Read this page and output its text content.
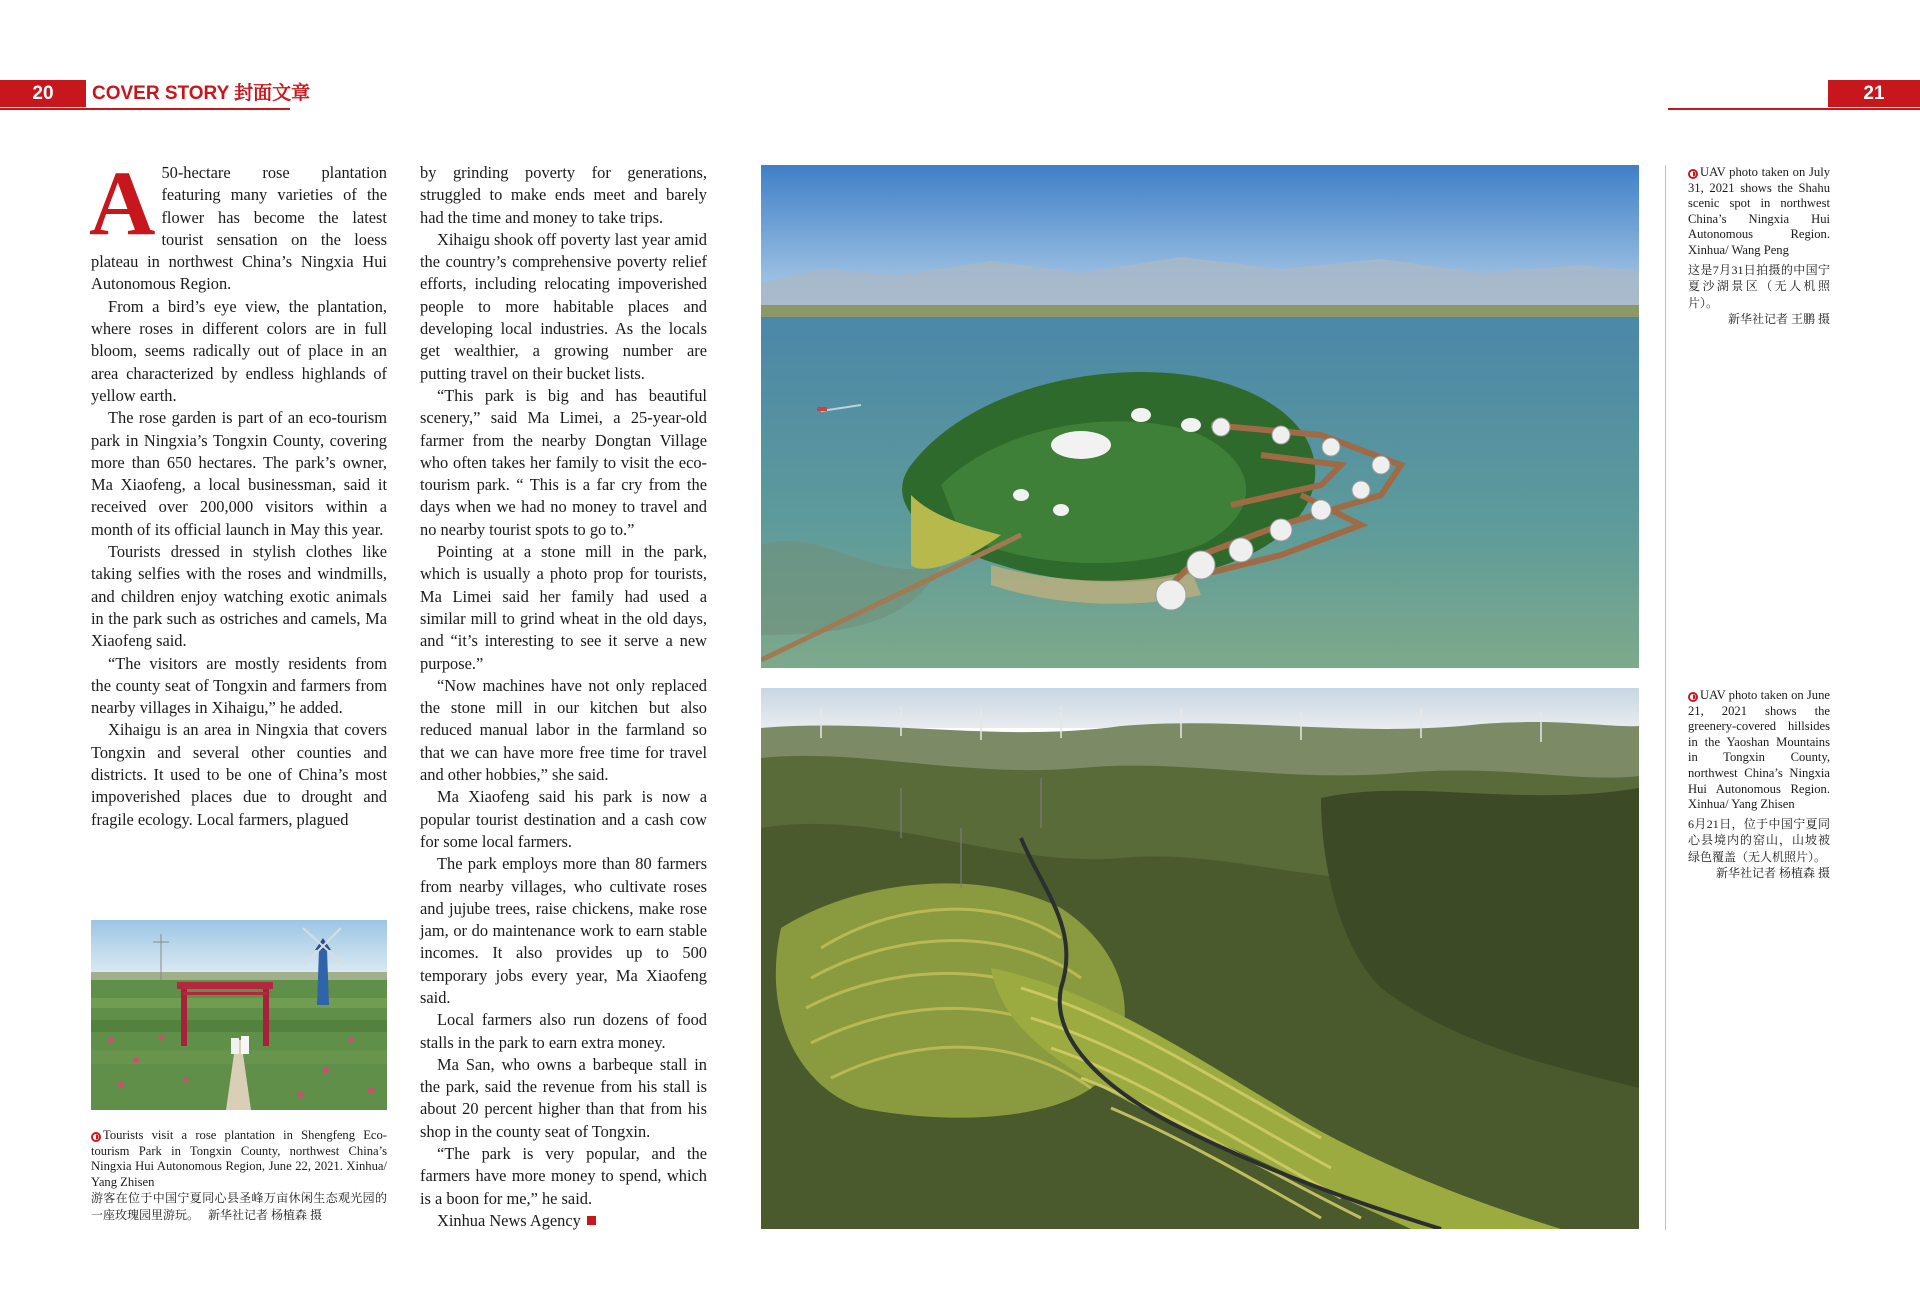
20	COVER STORY 封面文章	21

A 50-hectare rose plantation featuring many varieties of the flower has become the latest tourist sensation on the loess plateau in northwest China’s Ningxia Hui Autonomous Region.

From a bird’s eye view, the plantation, where roses in different colors are in full bloom, seems radically out of place in an area characterized by endless highlands of yellow earth.

The rose garden is part of an eco-tourism park in Ningxia’s Tongxin County, covering more than 650 hectares. The park’s owner, Ma Xiaofeng, a local businessman, said it received over 200,000 visitors within a month of its official launch in May this year.

Tourists dressed in stylish clothes like taking selfies with the roses and windmills, and children enjoy watching exotic animals in the park such as ostriches and camels, Ma Xiaofeng said.

“The visitors are mostly residents from the county seat of Tongxin and farmers from nearby villages in Xihaigu,” he added.

Xihaigu is an area in Ningxia that covers Tongxin and several other counties and districts. It used to be one of China’s most impoverished places due to drought and fragile ecology. Local farmers, plagued

by grinding poverty for generations, struggled to make ends meet and barely had the time and money to take trips.

Xihaigu shook off poverty last year amid the country’s comprehensive poverty relief efforts, including relocating impoverished people to more habitable places and developing local industries. As the locals get wealthier, a growing number are putting travel on their bucket lists.

“This park is big and has beautiful scenery,” said Ma Limei, a 25-year-old farmer from the nearby Dongtan Village who often takes her family to visit the eco-tourism park. “ This is a far cry from the days when we had no money to travel and no nearby tourist spots to go to.”

Pointing at a stone mill in the park, which is usually a photo prop for tourists, Ma Limei said her family had used a similar mill to grind wheat in the old days, and “it’s interesting to see it serve a new purpose.”

“Now machines have not only replaced the stone mill in our kitchen but also reduced manual labor in the farmland so that we can have more free time for travel and other hobbies,” she said.

Ma Xiaofeng said his park is now a popular tourist destination and a cash cow for some local farmers.

The park employs more than 80 farmers from nearby villages, who cultivate roses and jujube trees, raise chickens, make rose jam, or do maintenance work to earn stable incomes. It also provides up to 500 temporary jobs every year, Ma Xiaofeng said.

Local farmers also run dozens of food stalls in the park to earn extra money.

Ma San, who owns a barbeque stall in the park, said the revenue from his stall is about 20 percent higher than that from his shop in the county seat of Tongxin.

“The park is very popular, and the farmers have more money to spend, which is a boon for me,” he said.

Xinhua News Agency

◐ Tourists visit a rose plantation in Shengfeng Eco-tourism Park in Tongxin County, northwest China’s Ningxia Hui Autonomous Region, June 22, 2021. Xinhua/ Yang Zhisen
游客在位于中国宁夏同心县圣峰万亩休闲生态观光园的一座玫瑰园里游玩。 新华社记者 杨植森 摄
◐ UAV photo taken on July 31, 2021 shows the Shahu scenic spot in northwest China’s Ningxia Hui Autonomous Region. Xinhua/ Wang Peng
这是7月31日拍摄的中国宁夏沙湖景区（无人机照片）。
新华社记者 王鹏 摄
◐ UAV photo taken on June 21, 2021 shows the greenery-covered hillsides in the Yaoshan Mountains in Tongxin County, northwest China’s Ningxia Hui Autonomous Region. Xinhua/ Yang Zhisen
6月21日，位于中国宁夏同心县境内的窑山，山坡被绿色覆盖（无人机照片）。
新华社记者 杨植森 摄
